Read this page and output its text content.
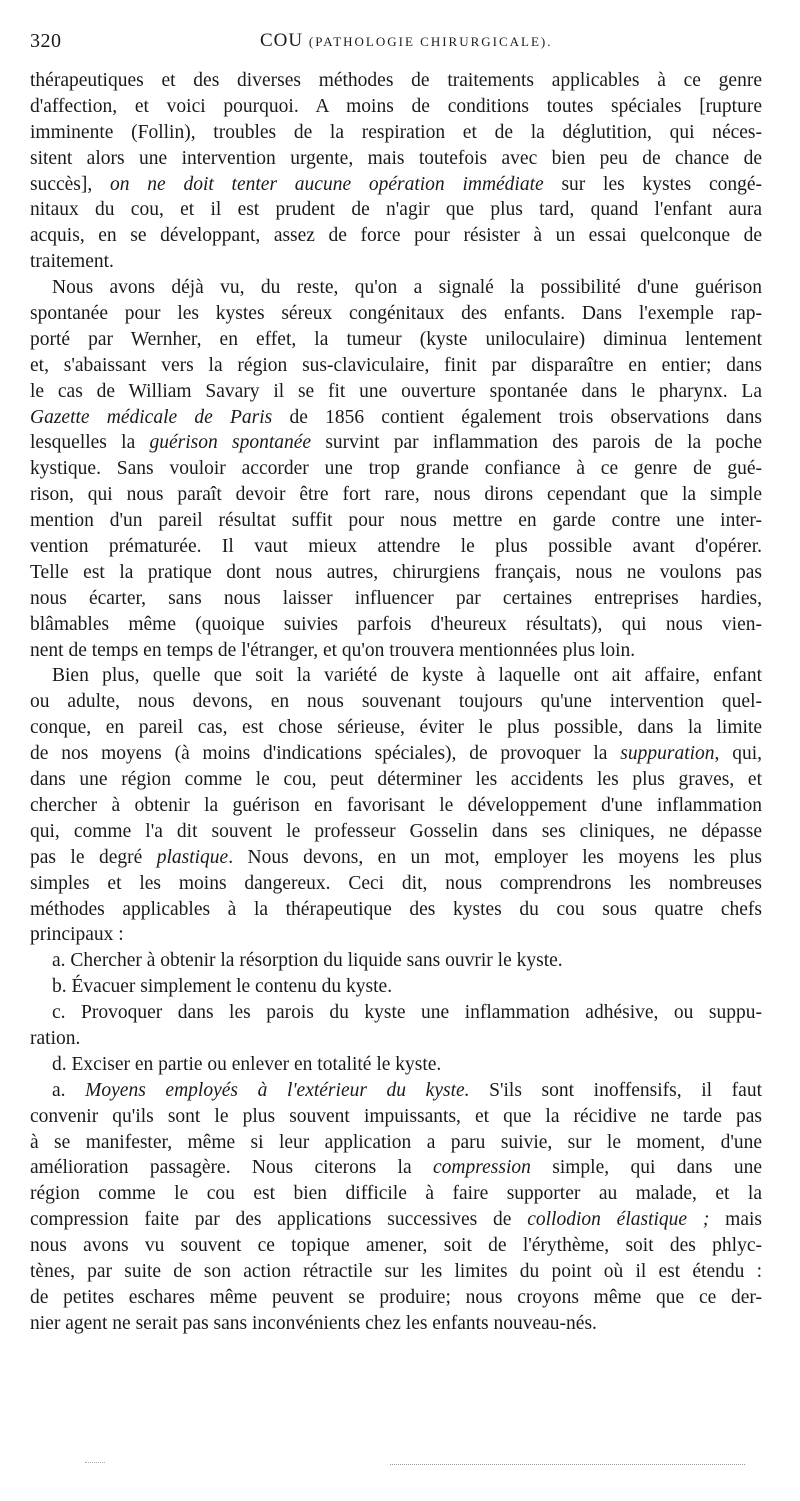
320	COU (PATHOLOGIE CHIRURGICALE).
thérapeutiques et des diverses méthodes de traitements applicables à ce genre
d'affection, et voici pourquoi. A moins de conditions toutes spéciales [rupture
imminente (Follin), troubles de la respiration et de la déglutition, qui néces-
sitent alors une intervention urgente, mais toutefois avec bien peu de chance de
succès], on ne doit tenter aucune opération immédiate sur les kystes congé-
nitaux du cou, et il est prudent de n'agir que plus tard, quand l'enfant aura
acquis, en se développant, assez de force pour résister à un essai quelconque de
traitement.
Nous avons déjà vu, du reste, qu'on a signalé la possibilité d'une guérison
spontanée pour les kystes séreux congénitaux des enfants. Dans l'exemple rap-
porté par Wernher, en effet, la tumeur (kyste uniloculaire) diminua lentement
et, s'abaissant vers la région sus-claviculaire, finit par disparaître en entier; dans
le cas de William Savary il se fit une ouverture spontanée dans le pharynx. La
Gazette médicale de Paris de 1856 contient également trois observations dans
lesquelles la guérison spontanée survint par inflammation des parois de la poche
kystique. Sans vouloir accorder une trop grande confiance à ce genre de gué-
rison, qui nous paraît devoir être fort rare, nous dirons cependant que la simple
mention d'un pareil résultat suffit pour nous mettre en garde contre une inter-
vention prématurée. Il vaut mieux attendre le plus possible avant d'opérer.
Telle est la pratique dont nous autres, chirurgiens français, nous ne voulons pas
nous écarter, sans nous laisser influencer par certaines entreprises hardies,
blâmables même (quoique suivies parfois d'heureux résultats), qui nous vien-
nent de temps en temps de l'étranger, et qu'on trouvera mentionnées plus loin.
Bien plus, quelle que soit la variété de kyste à laquelle ont ait affaire, enfant
ou adulte, nous devons, en nous souvenant toujours qu'une intervention quel-
conque, en pareil cas, est chose sérieuse, éviter le plus possible, dans la limite
de nos moyens (à moins d'indications spéciales), de provoquer la suppuration, qui,
dans une région comme le cou, peut déterminer les accidents les plus graves, et
chercher à obtenir la guérison en favorisant le développement d'une inflammation
qui, comme l'a dit souvent le professeur Gosselin dans ses cliniques, ne dépasse
pas le degré plastique. Nous devons, en un mot, employer les moyens les plus
simples et les moins dangereux. Ceci dit, nous comprendrons les nombreuses
méthodes applicables à la thérapeutique des kystes du cou sous quatre chefs
principaux :
a. Chercher à obtenir la résorption du liquide sans ouvrir le kyste.
b. Évacuer simplement le contenu du kyste.
c. Provoquer dans les parois du kyste une inflammation adhésive, ou suppu-
ration.
d. Exciser en partie ou enlever en totalité le kyste.
a. Moyens employés à l'extérieur du kyste. S'ils sont inoffensifs, il faut
convenir qu'ils sont le plus souvent impuissants, et que la récidive ne tarde pas
à se manifester, même si leur application a paru suivie, sur le moment, d'une
amélioration passagère. Nous citerons la compression simple, qui dans une
région comme le cou est bien difficile à faire supporter au malade, et la
compression faite par des applications successives de collodion élastique ; mais
nous avons vu souvent ce topique amener, soit de l'érythème, soit des phlyc-
tènes, par suite de son action rétractile sur les limites du point où il est étendu :
de petites eschares même peuvent se produire; nous croyons même que ce der-
nier agent ne serait pas sans inconvénients chez les enfants nouveau-nés.
